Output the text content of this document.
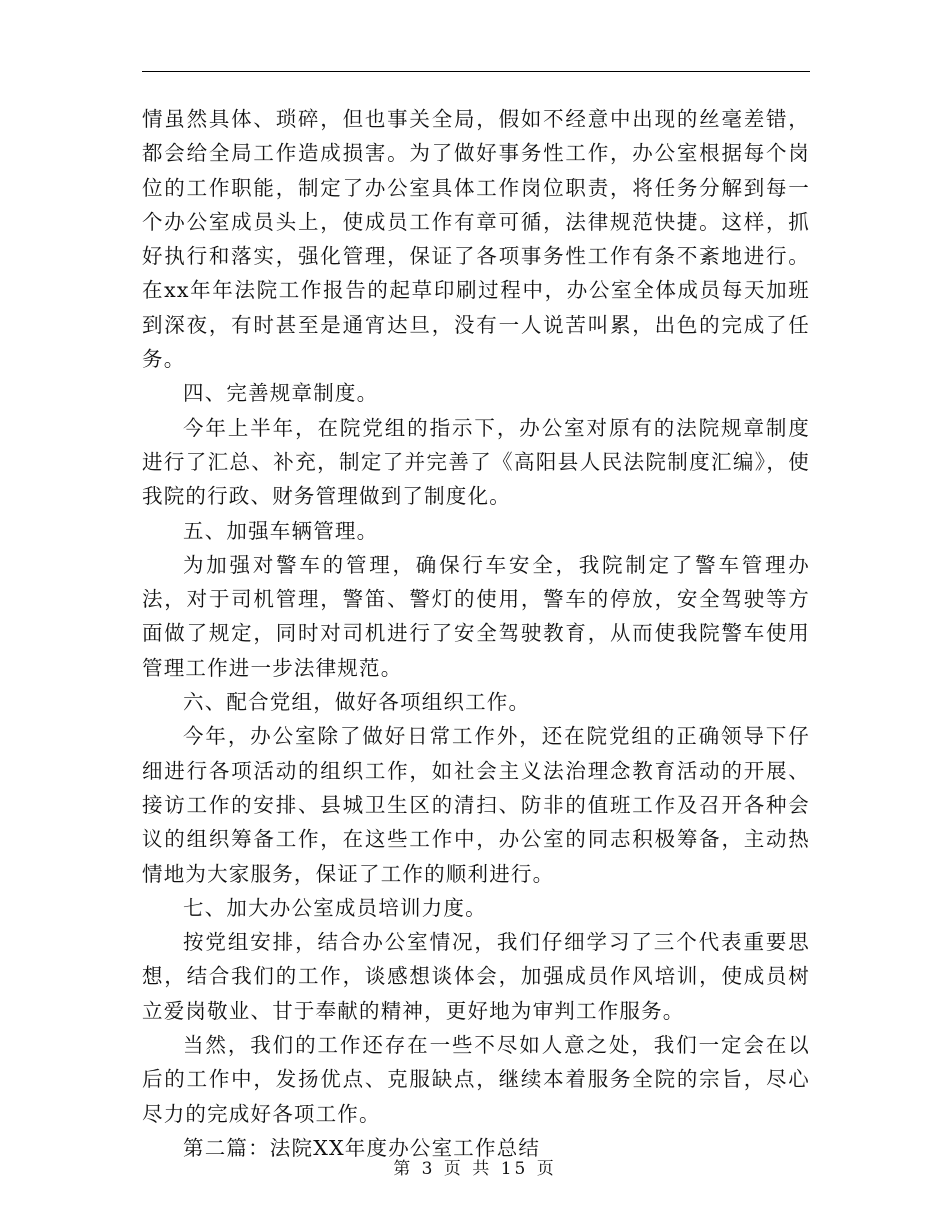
情虽然具体、琐碎，但也事关全局，假如不经意中出现的丝毫差错，都会给全局工作造成损害。为了做好事务性工作，办公室根据每个岗位的工作职能，制定了办公室具体工作岗位职责，将任务分解到每一个办公室成员头上，使成员工作有章可循，法律规范快捷。这样，抓好执行和落实，强化管理，保证了各项事务性工作有条不紊地进行。在xx年年法院工作报告的起草印刷过程中，办公室全体成员每天加班到深夜，有时甚至是通宵达旦，没有一人说苦叫累，出色的完成了任务。

四、完善规章制度。

今年上半年，在院党组的指示下，办公室对原有的法院规章制度进行了汇总、补充，制定了并完善了《高阳县人民法院制度汇编》，使我院的行政、财务管理做到了制度化。

五、加强车辆管理。

为加强对警车的管理，确保行车安全，我院制定了警车管理办法，对于司机管理，警笛、警灯的使用，警车的停放，安全驾驶等方面做了规定，同时对司机进行了安全驾驶教育，从而使我院警车使用管理工作进一步法律规范。

六、配合党组，做好各项组织工作。

今年，办公室除了做好日常工作外，还在院党组的正确领导下仔细进行各项活动的组织工作，如社会主义法治理念教育活动的开展、接访工作的安排、县城卫生区的清扫、防非的值班工作及召开各种会议的组织筹备工作，在这些工作中，办公室的同志积极筹备，主动热情地为大家服务，保证了工作的顺利进行。

七、加大办公室成员培训力度。

按党组安排，结合办公室情况，我们仔细学习了三个代表重要思想，结合我们的工作，谈感想谈体会，加强成员作风培训，使成员树立爱岗敬业、甘于奉献的精神，更好地为审判工作服务。

当然，我们的工作还存在一些不尽如人意之处，我们一定会在以后的工作中，发扬优点、克服缺点，继续本着服务全院的宗旨，尽心尽力的完成好各项工作。

第二篇：法院XX年度办公室工作总结

第 3 页 共 15 页
